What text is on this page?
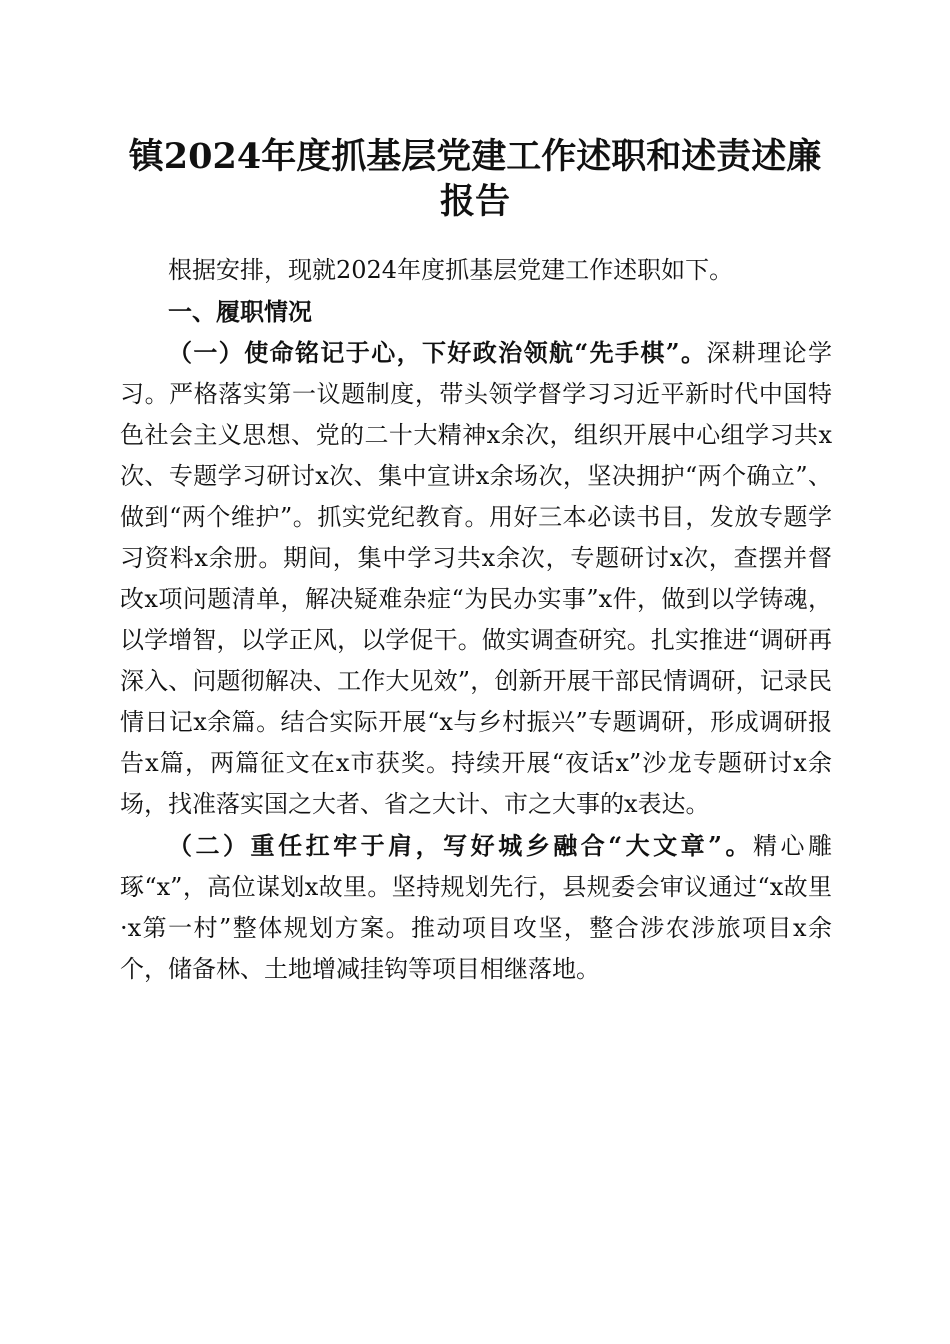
镇2024年度抓基层党建工作述职和述责述廉
报告

根据安排，现就2024年度抓基层党建工作述职如下。

一、履职情况

（一）使命铭记于心，下好政治领航“先手棋”。深耕理论学习。严格落实第一议题制度，带头领学督学习习近平新时代中国特色社会主义思想、党的二十大精神x余次，组织开展中心组学习共x次、专题学习研讨x次、集中宣讲x余场次，坚决拥护“两个确立”、做到“两个维护”。抓实党纪教育。用好三本必读书目，发放专题学习资料x余册。期间，集中学习共x余次，专题研讨x次，查摆并督改x项问题清单，解决疑难杂症“为民办实事”x件，做到以学铸魂，以学增智，以学正风，以学促干。做实调查研究。扎实推进“调研再深入、问题彻解决、工作大见效”，创新开展干部民情调研，记录民情日记x余篇。结合实际开展“x与乡村振兴”专题调研，形成调研报告x篇，两篇征文在x市获奖。持续开展“夜话x”沙龙专题研讨x余场，找准落实国之大者、省之大计、市之大事的x表达。

（二）重任扛牢于肩，写好城乡融合“大文章”。精心雕琢“x”，高位谋划x故里。坚持规划先行，县规委会审议通过“x故里·x第一村”整体规划方案。推动项目攻坚，整合涉农涉旅项目x余个，储备林、土地增减挂钩等项目相继落地。
